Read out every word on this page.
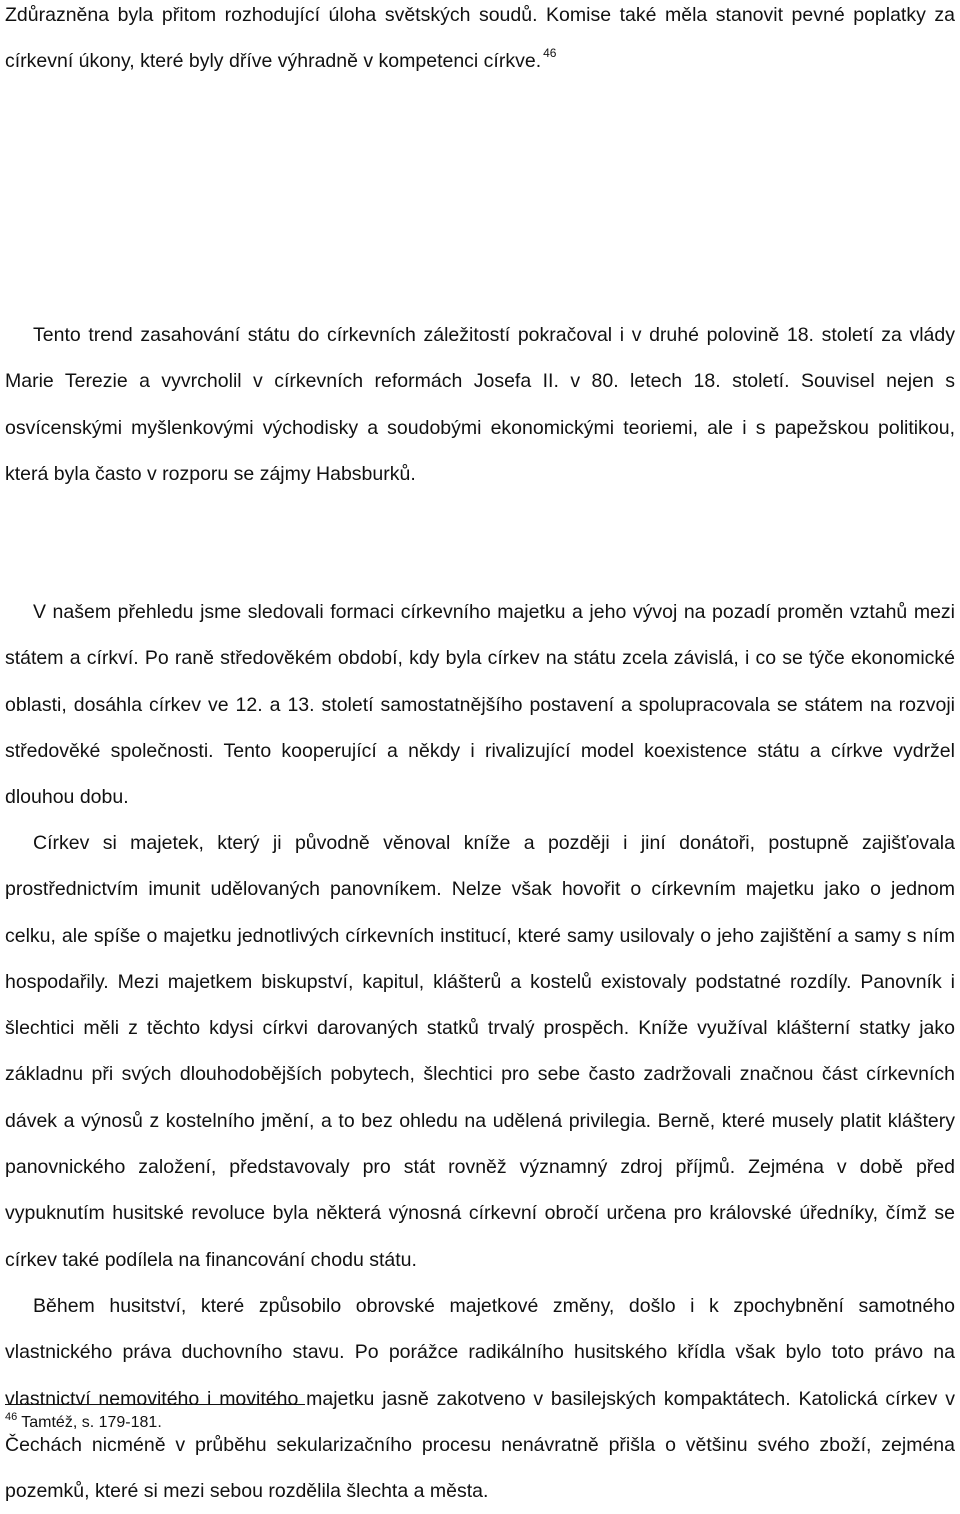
Zdůrazněna byla přitom rozhodující úloha světských soudů. Komise také měla stanovit pevné poplatky za církevní úkony, které byly dříve výhradně v kompetenci církve. $^{46}$

Tento trend zasahování státu do církevních záležitostí pokračoval i v druhé polovině 18. století za vlády Marie Terezie a vyvrcholil v církevních reformách Josefa II. v 80. letech 18. století. Souvisel nejen s osvícenskými myšlenkovými východisky a soudobými ekonomickými teoriemi, ale i s papežskou politikou, která byla často v rozporu se zájmy Habsburků.

V našem přehledu jsme sledovali formaci církevního majetku a jeho vývoj na pozadí proměn vztahů mezi státem a církví. Po raně středověkém období, kdy byla církev na státu zcela závislá, i co se týče ekonomické oblasti, dosáhla církev ve 12. a 13. století samostatnějšího postavení a spolupracovala se státem na rozvoji středověké společnosti. Tento kooperující a někdy i rivalizující model koexistence státu a církve vydržel dlouhou dobu.

Církev si majetek, který ji původně věnoval kníže a později i jiní donátoři, postupně zajišťovala prostřednictvím imunit udělovaných panovníkem. Nelze však hovořit o církevním majetku jako o jednom celku, ale spíše o majetku jednotlivých církevních institucí, které samy usilovaly o jeho zajištění a samy s ním hospodařily. Mezi majetkem biskupství, kapitul, klášterů a kostelů existovaly podstatné rozdíly. Panovník i šlechtici měli z těchto kdysi církvi darovaných statků trvalý prospěch. Kníže využíval klášterní statky jako základnu při svých dlouhodobějších pobytech, šlechtici pro sebe často zadržovali značnou část církevních dávek a výnosů z kostelního jmění, a to bez ohledu na udělená privilegia. Berně, které musely platit kláštery panovnického založení, představovaly pro stát rovněž významný zdroj příjmů. Zejména v době před vypuknutím husitské revoluce byla některá výnosná církevní obročí určena pro královské úředníky, čímž se církev také podílela na financování chodu státu.

Během husitství, které způsobilo obrovské majetkové změny, došlo i k zpochybnění samotného vlastnického práva duchovního stavu. Po porážce radikálního husitského křídla však bylo toto právo na vlastnictví nemovitého i movitého majetku jasně zakotveno v basilejských kompaktátech. Katolická církev v Čechách nicméně v průběhu sekularizačního procesu nenávratně přišla o většinu svého zboží, zejména pozemků, které si mezi sebou rozdělila šlechta a města.

$^{46}$ Tamtéž, s. 179-181.
